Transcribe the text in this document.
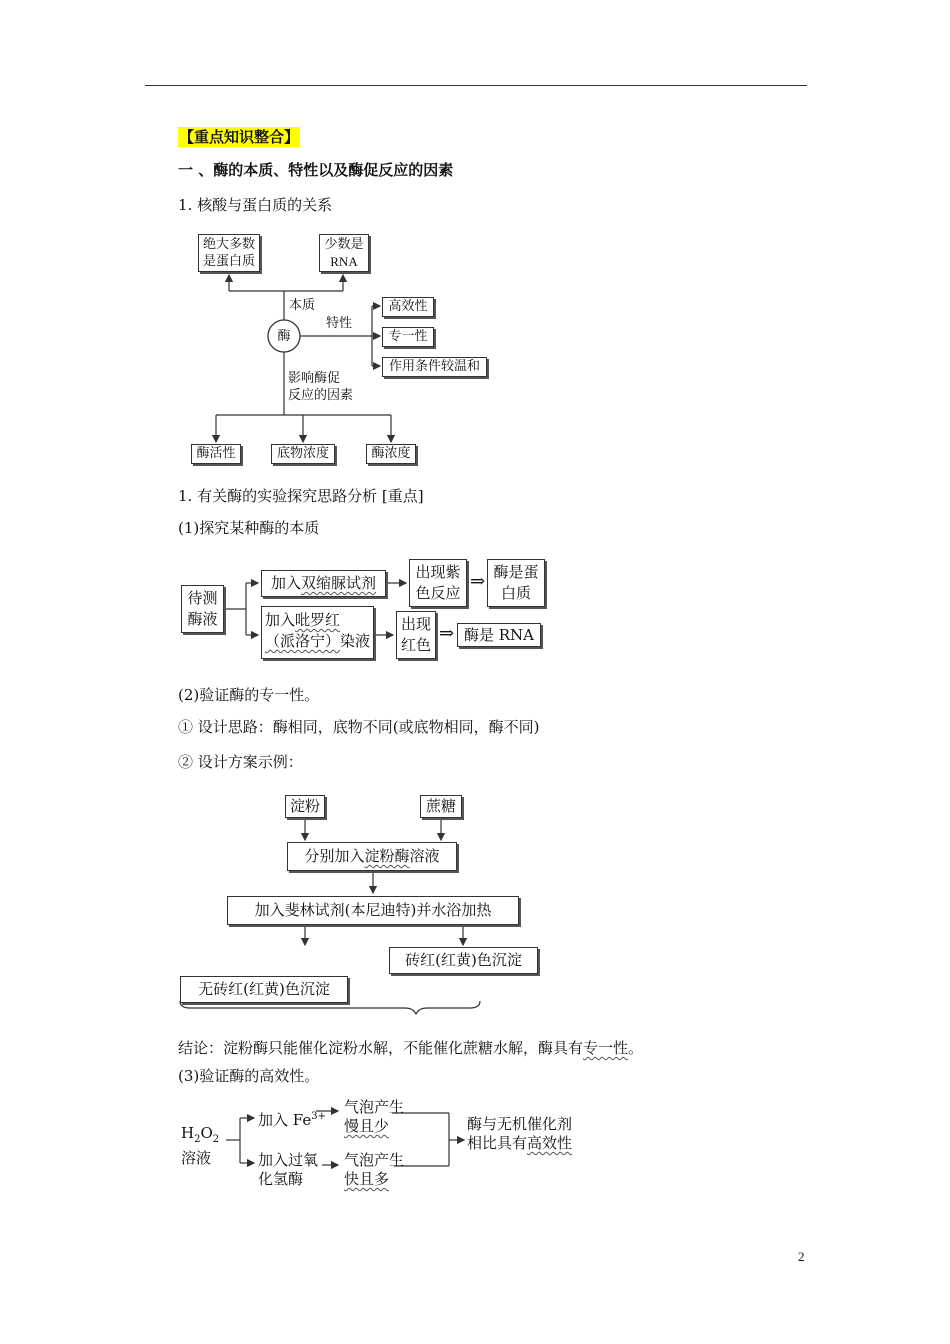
【重点知识整合】
一 、酶的本质、特性以及酶促反应的因素
1. 核酸与蛋白质的关系
绝大多数
是蛋白质
少数是
RNA
本质
酶
特性
高效性
专一性
作用条件较温和
影响酶促
反应的因素
酶活性	底物浓度	酶浓度
1. 有关酶的实验探究思路分析 [重点]
(1)探究某种酶的本质
待测
酶液
加入双缩脲试剂
加入吡罗红
（派洛宁）染液
出现紫
色反应
⇒ 酶是蛋
白质
出现
红色
⇒ 酶是 RNA
(2)验证酶的专一性。
① 设计思路：酶相同，底物不同(或底物相同，酶不同)
② 设计方案示例：
淀粉	蔗糖
分别加入淀粉酶溶液
加入斐林试剂(本尼迪特)并水浴加热
砖红(红黄)色沉淀
无砖红(红黄)色沉淀
结论：淀粉酶只能催化淀粉水解，不能催化蔗糖水解，酶具有专一性。
(3)验证酶的高效性。
$H_2O_2$
溶液
加入 $Fe^{3+}$
气泡产生
慢且少
加入过氧
化氢酶
气泡产生
快且多
酶与无机催化剂
相比具有高效性
2
